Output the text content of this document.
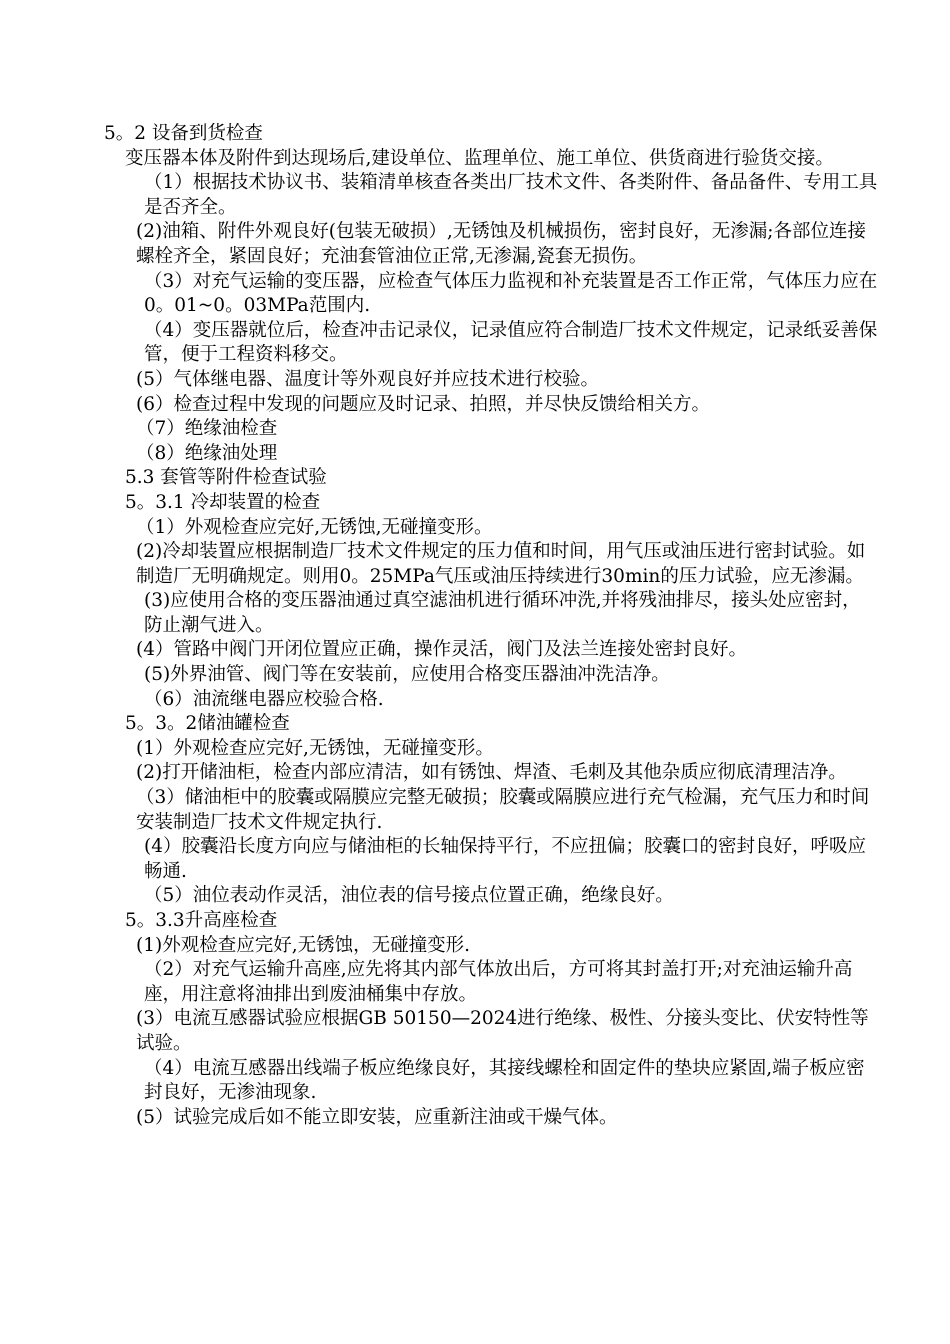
5。2 设备到货检查
变压器本体及附件到达现场后,建设单位、监理单位、施工单位、供货商进行验货交接。
（1）根据技术协议书、装箱清单核查各类出厂技术文件、各类附件、备品备件、专用工具是否齐全。
(2)油箱、附件外观良好(包装无破损）,无锈蚀及机械损伤，密封良好，无渗漏;各部位连接螺栓齐全，紧固良好；充油套管油位正常,无渗漏,瓷套无损伤。
（3）对充气运输的变压器，应检查气体压力监视和补充装置是否工作正常，气体压力应在0。01~0。03MPa范围内.
（4）变压器就位后，检查冲击记录仪，记录值应符合制造厂技术文件规定，记录纸妥善保管，便于工程资料移交。
(5）气体继电器、温度计等外观良好并应技术进行校验。
(6）检查过程中发现的问题应及时记录、拍照，并尽快反馈给相关方。
（7）绝缘油检查
（8）绝缘油处理
5.3 套管等附件检查试验
5。3.1 冷却装置的检查
（1）外观检查应完好,无锈蚀,无碰撞变形。
(2)冷却装置应根据制造厂技术文件规定的压力值和时间，用气压或油压进行密封试验。如制造厂无明确规定。则用0。25MPa气压或油压持续进行30min的压力试验，应无渗漏。
(3)应使用合格的变压器油通过真空滤油机进行循环冲洗,并将残油排尽，接头处应密封，防止潮气进入。
(4）管路中阀门开闭位置应正确，操作灵活，阀门及法兰连接处密封良好。
(5)外界油管、阀门等在安装前，应使用合格变压器油冲洗洁净。
（6）油流继电器应校验合格.
5。3。2储油罐检查
(1）外观检查应完好,无锈蚀，无碰撞变形。
(2)打开储油柜，检查内部应清洁，如有锈蚀、焊渣、毛刺及其他杂质应彻底清理洁净。
（3）储油柜中的胶囊或隔膜应完整无破损；胶囊或隔膜应进行充气检漏，充气压力和时间安装制造厂技术文件规定执行.
(4）胶囊沿长度方向应与储油柜的长轴保持平行，不应扭偏；胶囊口的密封良好，呼吸应畅通.
（5）油位表动作灵活，油位表的信号接点位置正确，绝缘良好。
5。3.3升高座检查
(1)外观检查应完好,无锈蚀，无碰撞变形.
（2）对充气运输升高座,应先将其内部气体放出后，方可将其封盖打开;对充油运输升高座，用注意将油排出到废油桶集中存放。
(3）电流互感器试验应根据GB 50150—2024进行绝缘、极性、分接头变比、伏安特性等试验。
（4）电流互感器出线端子板应绝缘良好，其接线螺栓和固定件的垫块应紧固,端子板应密封良好，无渗油现象.
(5）试验完成后如不能立即安装，应重新注油或干燥气体。
